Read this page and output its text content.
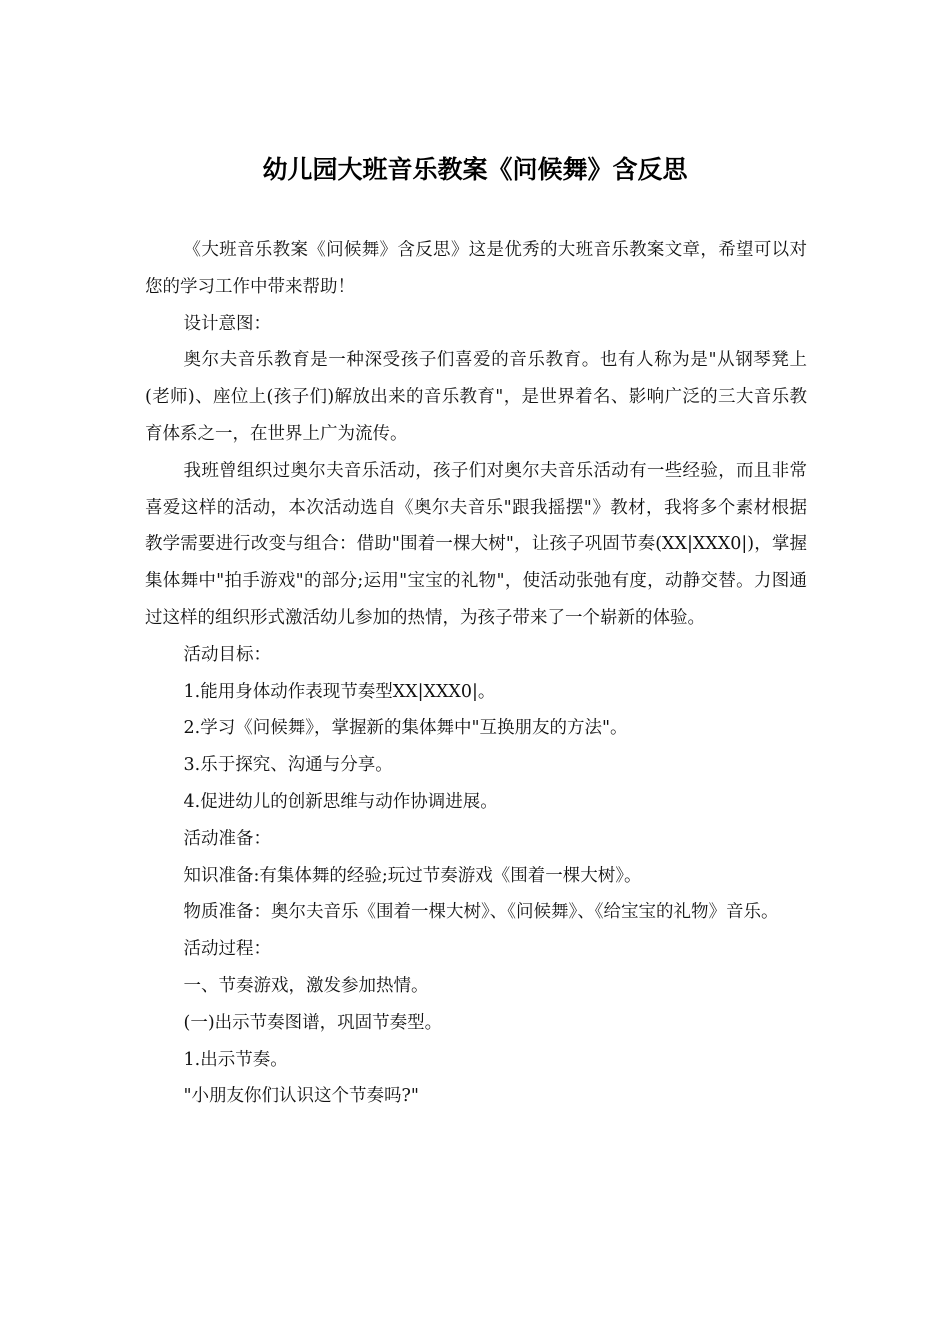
幼儿园大班音乐教案《问候舞》含反思

《大班音乐教案《问候舞》含反思》这是优秀的大班音乐教案文章，希望可以对您的学习工作中带来帮助！

设计意图：

奥尔夫音乐教育是一种深受孩子们喜爱的音乐教育。也有人称为是"从钢琴凳上(老师)、座位上(孩子们)解放出来的音乐教育"，是世界着名、影响广泛的三大音乐教育体系之一，在世界上广为流传。

我班曾组织过奥尔夫音乐活动，孩子们对奥尔夫音乐活动有一些经验，而且非常喜爱这样的活动，本次活动选自《奥尔夫音乐"跟我摇摆"》教材，我将多个素材根据教学需要进行改变与组合：借助"围着一棵大树"，让孩子巩固节奏(XX|XXX0|)，掌握集体舞中"拍手游戏"的部分;运用"宝宝的礼物"，使活动张弛有度，动静交替。力图通过这样的组织形式激活幼儿参加的热情，为孩子带来了一个崭新的体验。

活动目标：

1.能用身体动作表现节奏型XX|XXX0|。

2.学习《问候舞》，掌握新的集体舞中"互换朋友的方法"。

3.乐于探究、沟通与分享。

4.促进幼儿的创新思维与动作协调进展。

活动准备：

知识准备:有集体舞的经验;玩过节奏游戏《围着一棵大树》。

物质准备：奥尔夫音乐《围着一棵大树》、《问候舞》、《给宝宝的礼物》音乐。

活动过程：

一、节奏游戏，激发参加热情。

(一)出示节奏图谱，巩固节奏型。

1.出示节奏。

"小朋友你们认识这个节奏吗?"
